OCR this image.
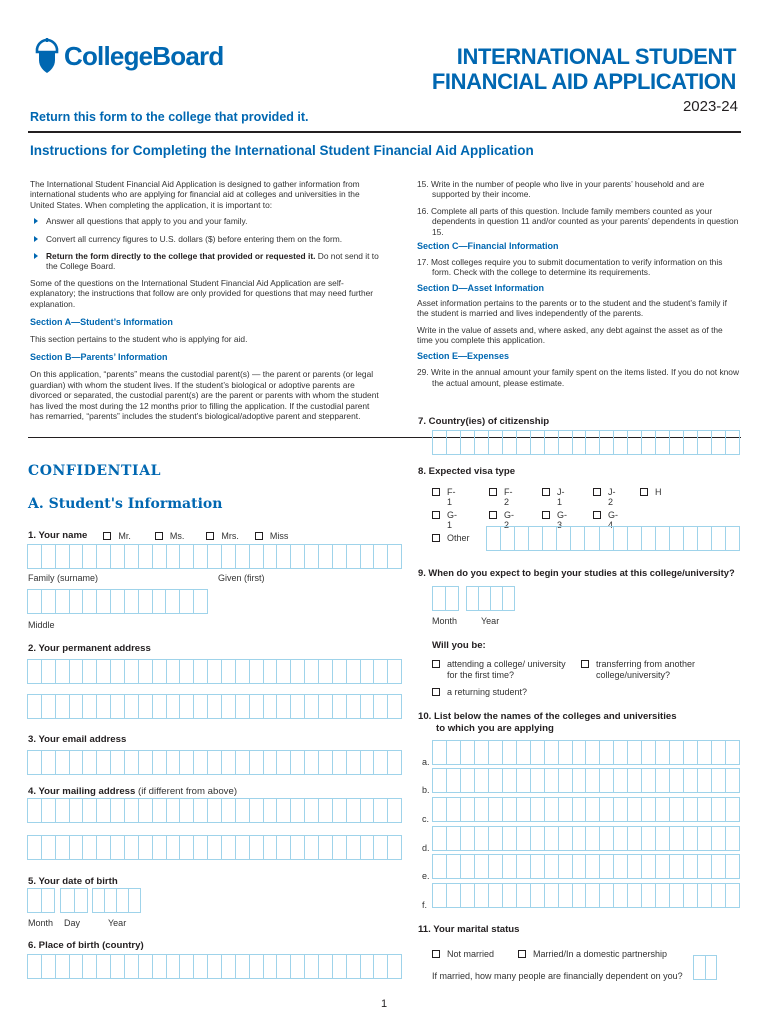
CollegeBoard	INTERNATIONAL STUDENT
FINANCIAL AID APPLICATION
2023-24
Return this form to the college that provided it.
Instructions for Completing the International Student Financial Aid Application

The International Student Financial Aid Application is designed to gather information from international students who are applying for financial aid at colleges and universities in the United States. When completing the application, it is important to:

Answer all questions that apply to you and your family.

Convert all currency figures to U.S. dollars ($) before entering them on the form.

Return the form directly to the college that provided or requested it. Do not send it to the College Board.

Some of the questions on the International Student Financial Aid Application are self-explanatory; the instructions that follow are only provided for questions that may need further explanation.

Section A—Student’s Information

This section pertains to the student who is applying for aid.

Section B—Parents’ Information

On this application, “parents” means the custodial parent(s) — the parent or parents (or legal guardian) with whom the student lives. If the student’s biological or adoptive parents are divorced or separated, the custodial parent(s) are the parent or parents with whom the student has lived the most during the 12 months prior to filling the application. If the custodial parent has remarried, “parents” includes the student’s biological/adoptive parent and stepparent.

15. Write in the number of people who live in your parents’ household and are supported by their income.

16. Complete all parts of this question. Include family members counted as your dependents in question 11 and/or counted as your parents’ dependents in question 15.

Section C—Financial Information

17. Most colleges require you to submit documentation to verify information on this form. Check with the college to determine its requirements.

Section D—Asset Information

Asset information pertains to the parents or to the student and the student’s family if the student is married and lives independently of the parents.

Write in the value of assets and, where asked, any debt against the asset as of the time you complete this application.

Section E—Expenses

29. Write in the annual amount your family spent on the items listed. If you do not know the actual amount, please estimate.

CONFIDENTIAL
A. Student's Information
1. Your name	Mr.	Ms.	Mrs.	Miss
Family (surname)	Given (first)
Middle
2. Your permanent address
3. Your email address
4. Your mailing address (if different from above)
5. Your date of birth
Month Day	Year
6. Place of birth (country)
7. Country(ies) of citizenship
8. Expected visa type
F-1
F-2
J-1
J-2
H
G-1
G-2
G-3
G-4
Other
9. When do you expect to begin your studies at this college/university?
Month	Year
Will you be:
attending a college/ university for the first time?
transferring from another college/university?
a returning student?
10. List below the names of the colleges and universities
to which you are applying
a.
b.
c.
d.
e.
f.
11. Your marital status
Not married	Married/In a domestic partnership
If married, how many people are financially dependent on you?
1
